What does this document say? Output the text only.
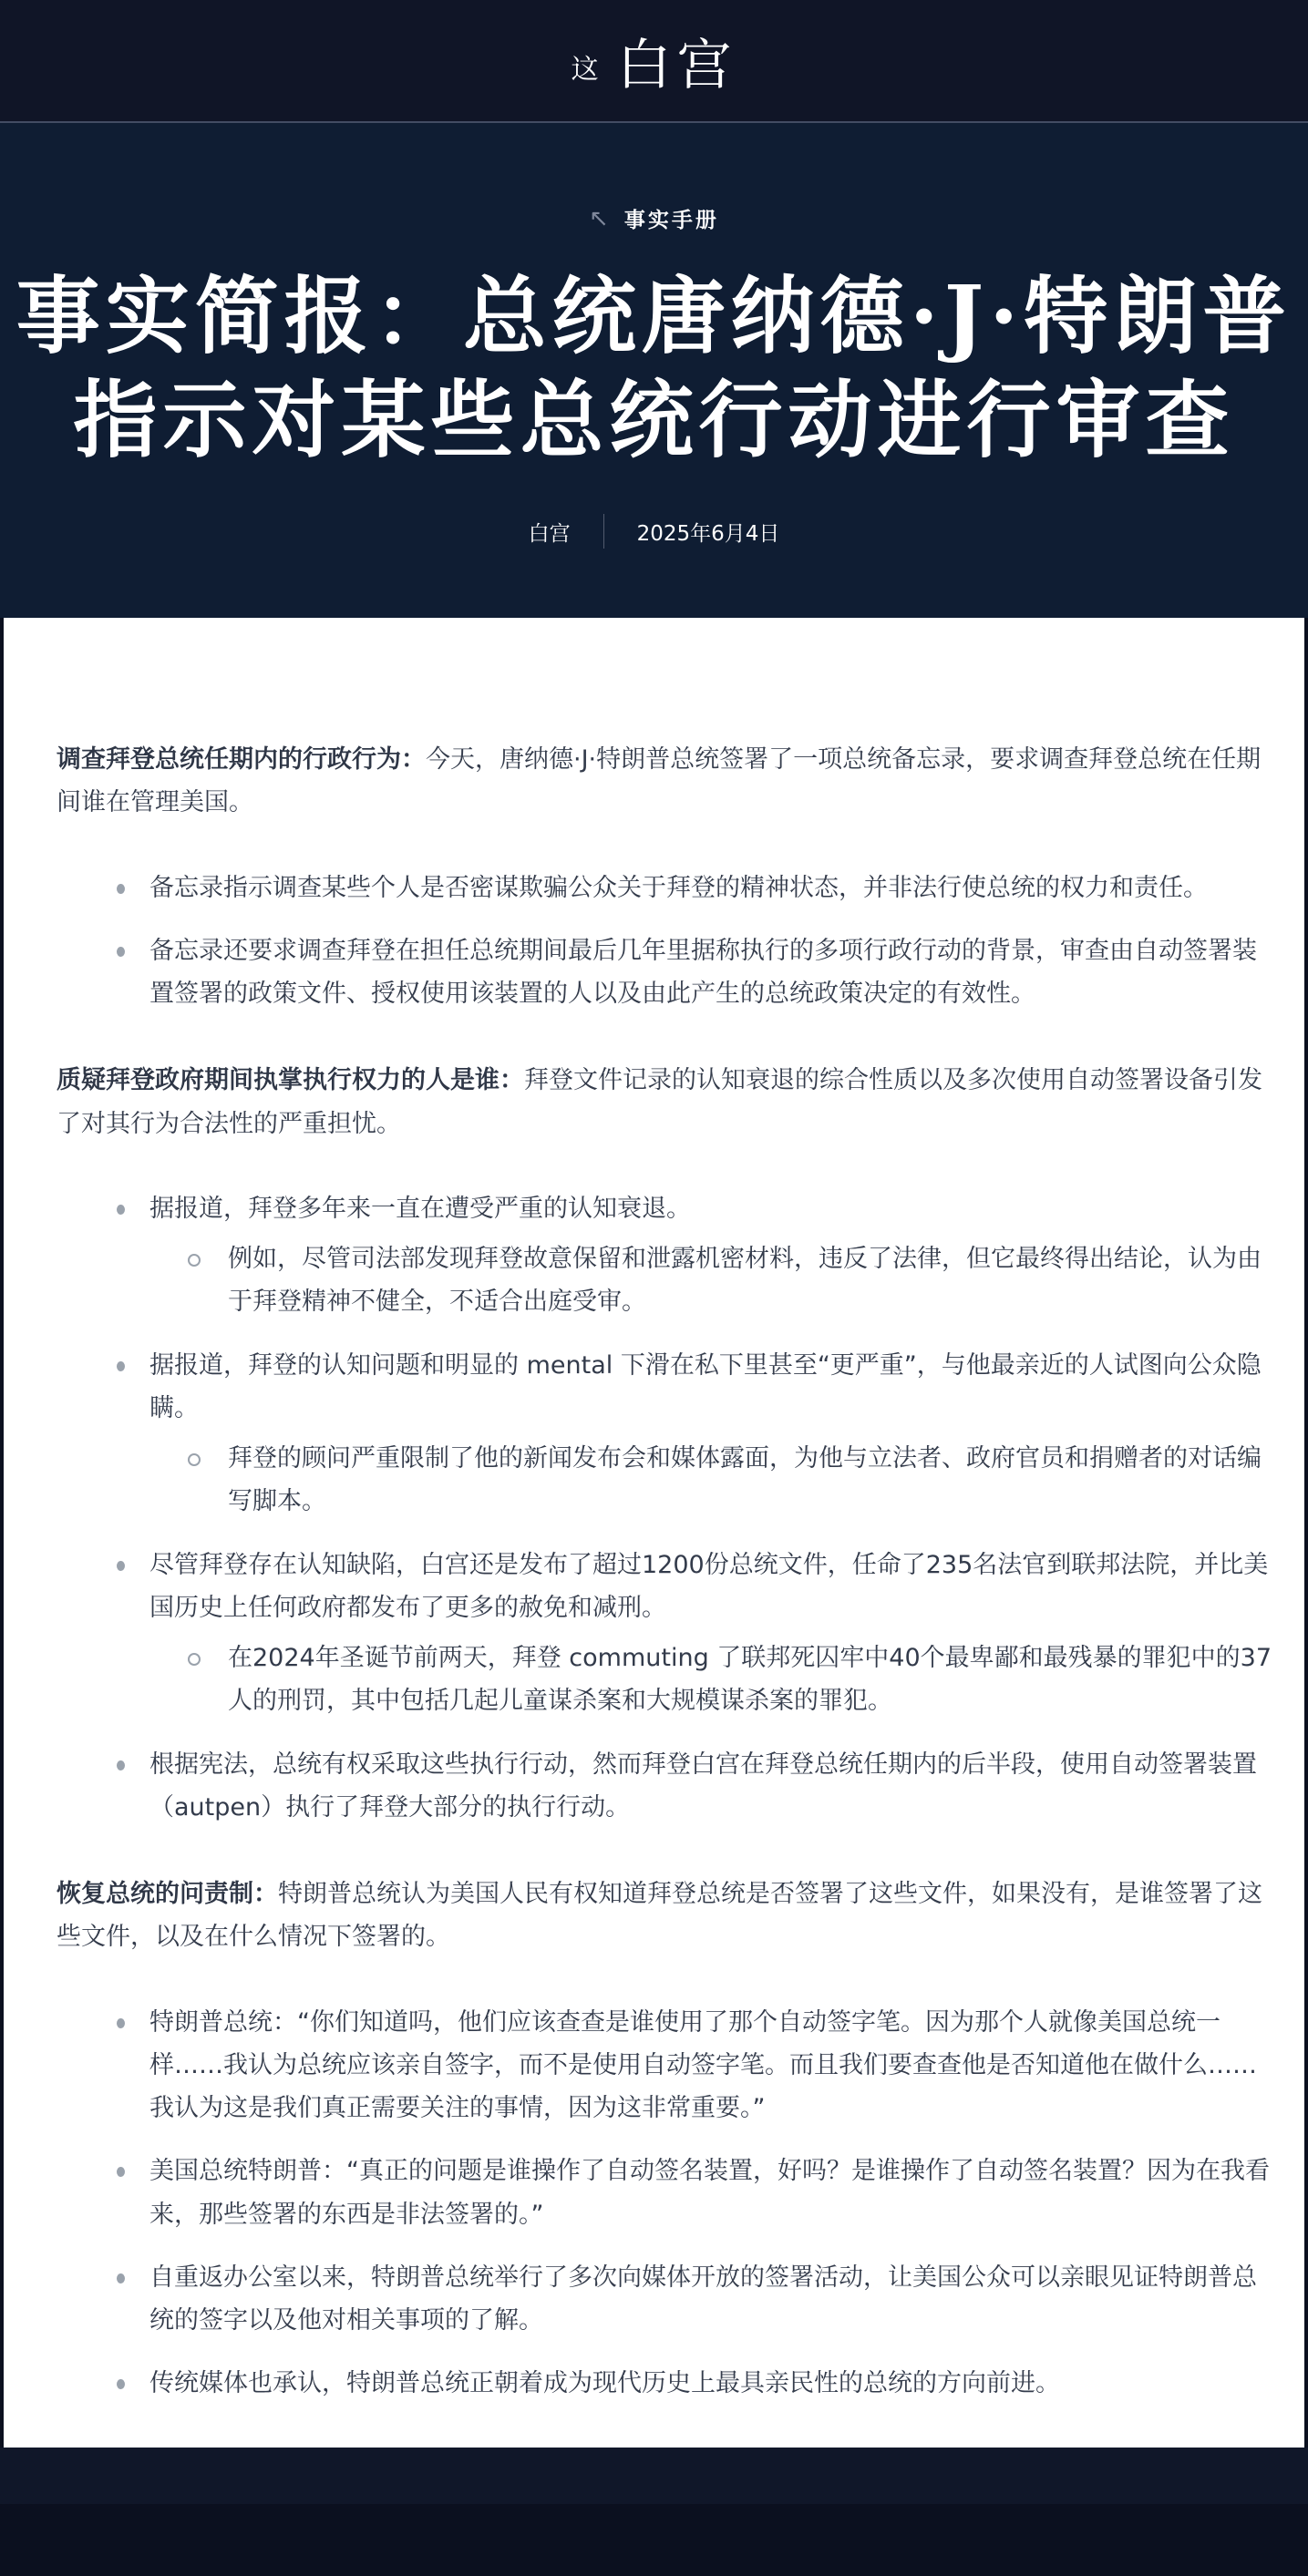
这 白宫
↖ 事实手册
事实简报：总统唐纳德·J·特朗普
指示对某些总统行动进行审查
白宫	2025年6月4日

调查拜登总统任期内的行政行为：今天，唐纳德·J·特朗普总统签署了一项总统备忘录，要求调查拜登总统在任期间谁在管理美国。

备忘录指示调查某些个人是否密谋欺骗公众关于拜登的精神状态，并非法行使总统的权力和责任。
备忘录还要求调查拜登在担任总统期间最后几年里据称执行的多项行政行动的背景，审查由自动签署装置签署的政策文件、授权使用该装置的人以及由此产生的总统政策决定的有效性。

质疑拜登政府期间执掌执行权力的人是谁：拜登文件记录的认知衰退的综合性质以及多次使用自动签署设备引发了对其行为合法性的严重担忧。

据报道，拜登多年来一直在遭受严重的认知衰退。
例如，尽管司法部发现拜登故意保留和泄露机密材料，违反了法律，但它最终得出结论，认为由于拜登精神不健全，不适合出庭受审。
据报道，拜登的认知问题和明显的 mental 下滑在私下里甚至“更严重”，与他最亲近的人试图向公众隐瞒。
拜登的顾问严重限制了他的新闻发布会和媒体露面，为他与立法者、政府官员和捐赠者的对话编写脚本。
尽管拜登存在认知缺陷，白宫还是发布了超过1200份总统文件，任命了235名法官到联邦法院，并比美国历史上任何政府都发布了更多的赦免和减刑。
在2024年圣诞节前两天，拜登 commuting 了联邦死囚牢中40个最卑鄙和最残暴的罪犯中的37人的刑罚，其中包括几起儿童谋杀案和大规模谋杀案的罪犯。
根据宪法，总统有权采取这些执行行动，然而拜登白宫在拜登总统任期内的后半段，使用自动签署装置（autpen）执行了拜登大部分的执行行动。

恢复总统的问责制：特朗普总统认为美国人民有权知道拜登总统是否签署了这些文件，如果没有，是谁签署了这些文件，以及在什么情况下签署的。

特朗普总统：“你们知道吗，他们应该查查是谁使用了那个自动签字笔。因为那个人就像美国总统一样……我认为总统应该亲自签字，而不是使用自动签字笔。而且我们要查查他是否知道他在做什么……我认为这是我们真正需要关注的事情，因为这非常重要。”
美国总统特朗普：“真正的问题是谁操作了自动签名装置，好吗？是谁操作了自动签名装置？因为在我看来，那些签署的东西是非法签署的。”
自重返办公室以来，特朗普总统举行了多次向媒体开放的签署活动，让美国公众可以亲眼见证特朗普总统的签字以及他对相关事项的了解。
传统媒体也承认，特朗普总统正朝着成为现代历史上最具亲民性的总统的方向前进。
